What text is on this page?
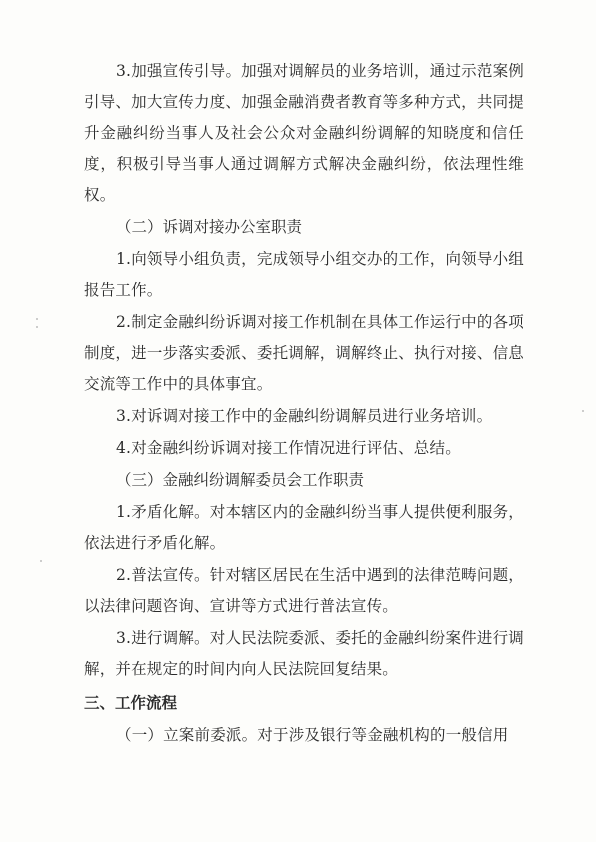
3.加强宣传引导。加强对调解员的业务培训，通过示范案例引导、加大宣传力度、加强金融消费者教育等多种方式，共同提升金融纠纷当事人及社会公众对金融纠纷调解的知晓度和信任度，积极引导当事人通过调解方式解决金融纠纷，依法理性维权。

（二）诉调对接办公室职责

1.向领导小组负责，完成领导小组交办的工作，向领导小组报告工作。

2.制定金融纠纷诉调对接工作机制在具体工作运行中的各项制度，进一步落实委派、委托调解，调解终止、执行对接、信息交流等工作中的具体事宜。

3.对诉调对接工作中的金融纠纷调解员进行业务培训。

4.对金融纠纷诉调对接工作情况进行评估、总结。

（三）金融纠纷调解委员会工作职责

1.矛盾化解。对本辖区内的金融纠纷当事人提供便利服务，依法进行矛盾化解。

2.普法宣传。针对辖区居民在生活中遇到的法律范畴问题，以法律问题咨询、宣讲等方式进行普法宣传。

3.进行调解。对人民法院委派、委托的金融纠纷案件进行调解，并在规定的时间内向人民法院回复结果。

三、工作流程

（一）立案前委派。对于涉及银行等金融机构的一般信用
